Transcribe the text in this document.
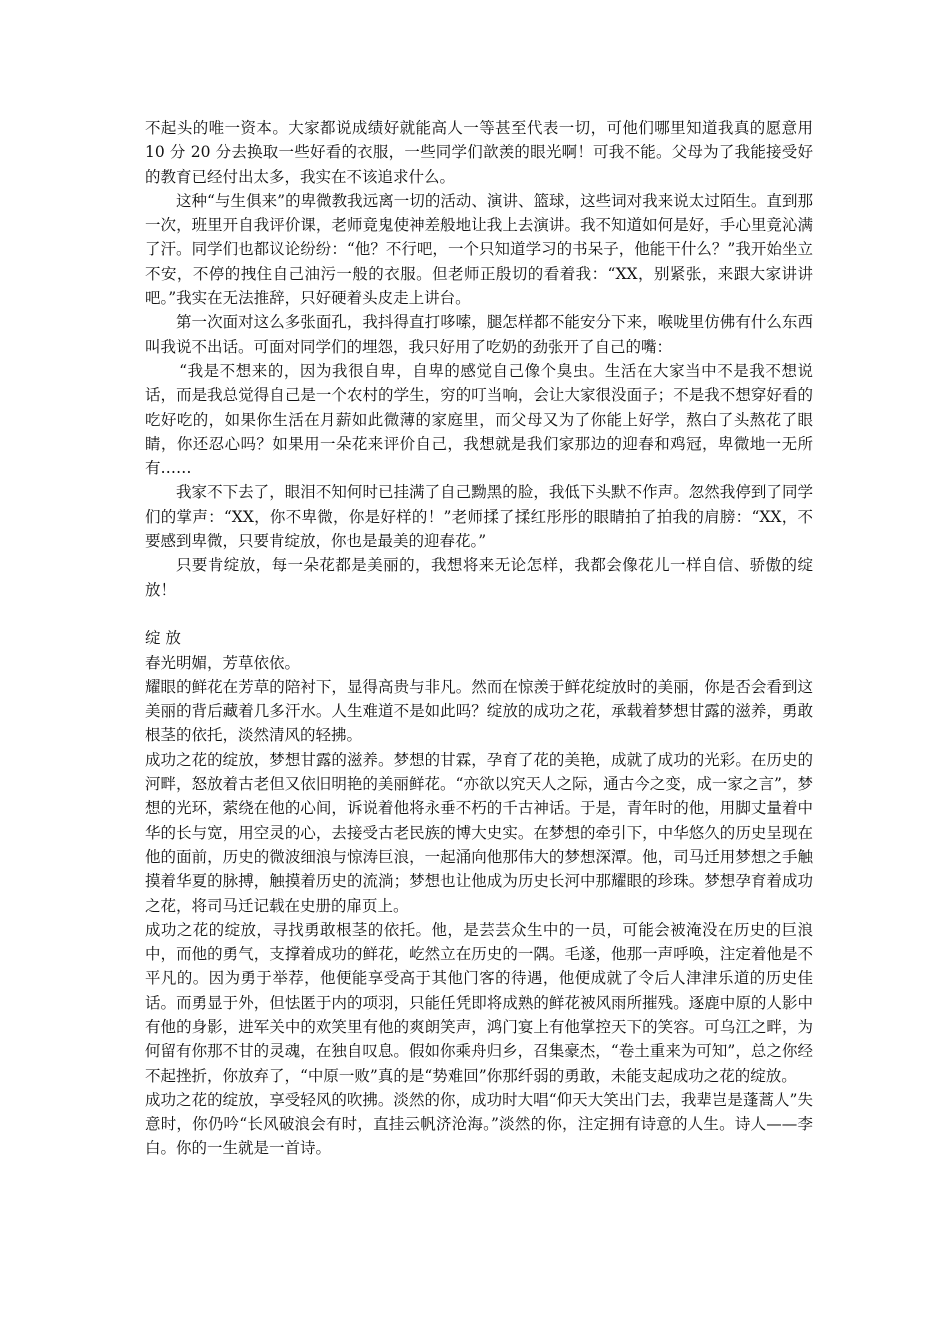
不起头的唯一资本。大家都说成绩好就能高人一等甚至代表一切，可他们哪里知道我真的愿意用 10 分 20 分去换取一些好看的衣服，一些同学们歆羡的眼光啊！可我不能。父母为了我能接受好的教育已经付出太多，我实在不该追求什么。

这种“与生俱来”的卑微教我远离一切的活动、演讲、篮球，这些词对我来说太过陌生。直到那一次，班里开自我评价课，老师竟鬼使神差般地让我上去演讲。我不知道如何是好，手心里竟沁满了汗。同学们也都议论纷纷：“他？不行吧，一个只知道学习的书呆子，他能干什么？”我开始坐立不安，不停的拽住自己油污一般的衣服。但老师正殷切的看着我：“XX，别紧张，来跟大家讲讲吧。”我实在无法推辞，只好硬着头皮走上讲台。

第一次面对这么多张面孔，我抖得直打哆嗦，腿怎样都不能安分下来，喉咙里仿佛有什么东西叫我说不出话。可面对同学们的埋怨，我只好用了吃奶的劲张开了自己的嘴：

“我是不想来的，因为我很自卑，自卑的感觉自己像个臭虫。生活在大家当中不是我不想说话，而是我总觉得自己是一个农村的学生，穷的叮当响，会让大家很没面子；不是我不想穿好看的吃好吃的，如果你生活在月薪如此微薄的家庭里，而父母又为了你能上好学，熬白了头熬花了眼睛，你还忍心吗？如果用一朵花来评价自己，我想就是我们家那边的迎春和鸡冠，卑微地一无所有……

我家不下去了，眼泪不知何时已挂满了自己黝黑的脸，我低下头默不作声。忽然我停到了同学们的掌声：“XX，你不卑微，你是好样的！”老师揉了揉红彤彤的眼睛拍了拍我的肩膀：“XX，不要感到卑微，只要肯绽放，你也是最美的迎春花。”

只要肯绽放，每一朵花都是美丽的，我想将来无论怎样，我都会像花儿一样自信、骄傲的绽放！

绽 放

春光明媚，芳草依依。

耀眼的鲜花在芳草的陪衬下，显得高贵与非凡。然而在惊羡于鲜花绽放时的美丽，你是否会看到这美丽的背后藏着几多汗水。人生难道不是如此吗？绽放的成功之花，承载着梦想甘露的滋养，勇敢根茎的依托，淡然清风的轻拂。

成功之花的绽放，梦想甘露的滋养。梦想的甘霖，孕育了花的美艳，成就了成功的光彩。在历史的河畔，怒放着古老但又依旧明艳的美丽鲜花。“亦欲以究天人之际，通古今之变，成一家之言”，梦想的光环，萦绕在他的心间，诉说着他将永垂不朽的千古神话。于是，青年时的他，用脚丈量着中华的长与宽，用空灵的心，去接受古老民族的博大史实。在梦想的牵引下，中华悠久的历史呈现在他的面前，历史的微波细浪与惊涛巨浪，一起涌向他那伟大的梦想深潭。他，司马迁用梦想之手触摸着华夏的脉搏，触摸着历史的流淌；梦想也让他成为历史长河中那耀眼的珍珠。梦想孕育着成功之花，将司马迁记载在史册的扉页上。

成功之花的绽放，寻找勇敢根茎的依托。他，是芸芸众生中的一员，可能会被淹没在历史的巨浪中，而他的勇气，支撑着成功的鲜花，屹然立在历史的一隅。毛遂，他那一声呼唤，注定着他是不平凡的。因为勇于举荐，他便能享受高于其他门客的待遇，他便成就了令后人津津乐道的历史佳话。而勇显于外，但怯匿于内的项羽，只能任凭即将成熟的鲜花被风雨所摧残。逐鹿中原的人影中有他的身影，进军关中的欢笑里有他的爽朗笑声，鸿门宴上有他掌控天下的笑容。可乌江之畔，为何留有你那不甘的灵魂，在独自叹息。假如你乘舟归乡，召集豪杰，“卷土重来为可知”，总之你经不起挫折，你放弃了，“中原一败”真的是“势难回”你那纤弱的勇敢，未能支起成功之花的绽放。

成功之花的绽放，享受轻风的吹拂。淡然的你，成功时大唱“仰天大笑出门去，我辈岂是蓬蒿人”失意时，你仍吟“长风破浪会有时，直挂云帆济沧海。”淡然的你，注定拥有诗意的人生。诗人——李白。你的一生就是一首诗。
